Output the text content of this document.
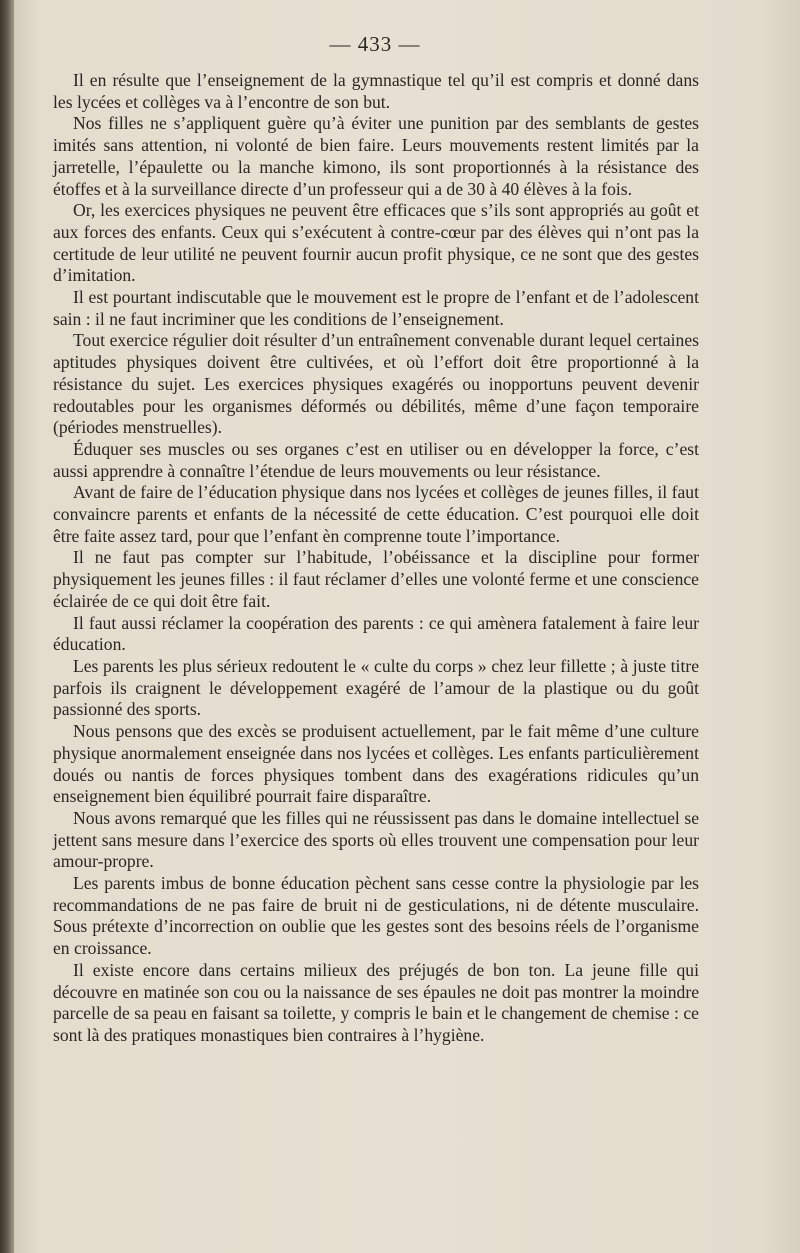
— 433 —

Il en résulte que l’enseignement de la gymnastique tel qu’il est compris et donné dans les lycées et collèges va à l’encontre de son but.

Nos filles ne s’appliquent guère qu’à éviter une punition par des semblants de gestes imités sans attention, ni volonté de bien faire. Leurs mouvements restent limités par la jarretelle, l’épaulette ou la manche kimono, ils sont proportionnés à la résistance des étoffes et à la surveillance directe d’un professeur qui a de 30 à 40 élèves à la fois.

Or, les exercices physiques ne peuvent être efficaces que s’ils sont appropriés au goût et aux forces des enfants. Ceux qui s’exécutent à contre-cœur par des élèves qui n’ont pas la certitude de leur utilité ne peuvent fournir aucun profit physique, ce ne sont que des gestes d’imitation.

Il est pourtant indiscutable que le mouvement est le propre de l’enfant et de l’adolescent sain : il ne faut incriminer que les conditions de l’enseignement.

Tout exercice régulier doit résulter d’un entraînement convenable durant lequel certaines aptitudes physiques doivent être cultivées, et où l’effort doit être proportionné à la résistance du sujet. Les exercices physiques exagérés ou inopportuns peuvent devenir redoutables pour les organismes déformés ou débilités, même d’une façon temporaire (périodes menstruelles).

Éduquer ses muscles ou ses organes c’est en utiliser ou en développer la force, c’est aussi apprendre à connaître l’étendue de leurs mouvements ou leur résistance.

Avant de faire de l’éducation physique dans nos lycées et collèges de jeunes filles, il faut convaincre parents et enfants de la nécessité de cette éducation. C’est pourquoi elle doit être faite assez tard, pour que l’enfant èn comprenne toute l’importance.

Il ne faut pas compter sur l’habitude, l’obéissance et la discipline pour former physiquement les jeunes filles : il faut réclamer d’elles une volonté ferme et une conscience éclairée de ce qui doit être fait.

Il faut aussi réclamer la coopération des parents : ce qui amènera fatalement à faire leur éducation.

Les parents les plus sérieux redoutent le « culte du corps » chez leur fillette ; à juste titre parfois ils craignent le développement exagéré de l’amour de la plastique ou du goût passionné des sports.

Nous pensons que des excès se produisent actuellement, par le fait même d’une culture physique anormalement enseignée dans nos lycées et collèges. Les enfants particulièrement doués ou nantis de forces physiques tombent dans des exagérations ridicules qu’un enseignement bien équilibré pourrait faire disparaître.

Nous avons remarqué que les filles qui ne réussissent pas dans le domaine intellectuel se jettent sans mesure dans l’exercice des sports où elles trouvent une compensation pour leur amour-propre.

Les parents imbus de bonne éducation pèchent sans cesse contre la physiologie par les recommandations de ne pas faire de bruit ni de gesticulations, ni de détente musculaire. Sous prétexte d’incorrection on oublie que les gestes sont des besoins réels de l’organisme en croissance.

Il existe encore dans certains milieux des préjugés de bon ton. La jeune fille qui découvre en matinée son cou ou la naissance de ses épaules ne doit pas montrer la moindre parcelle de sa peau en faisant sa toilette, y compris le bain et le changement de chemise : ce sont là des pratiques monastiques bien contraires à l’hygiène.
